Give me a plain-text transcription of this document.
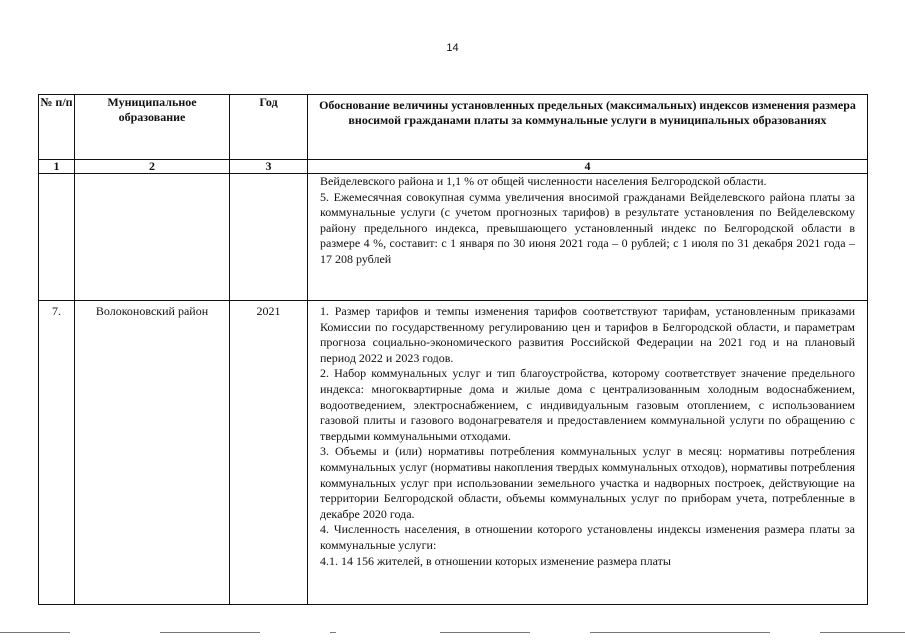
14
№ п/п	Муниципальное образование	Год	Обоснование величины установленных предельных (максимальных) индексов изменения размера вносимой гражданами платы за коммунальные услуги в муниципальных образованиях
1	2	3	4

			Вейделевского района и 1,1 % от общей численности населения Белгородской области.

5. Ежемесячная совокупная сумма увеличения вносимой гражданами Вейделевского района платы за коммунальные услуги (с учетом прогнозных тарифов) в результате установления по Вейделевскому району предельного индекса, превышающего установленный индекс по Белгородской области в размере 4 %, составит: с 1 января по 30 июня 2021 года – 0 рублей; с 1 июля по 31 декабря 2021 года – 17 208 рублей

7.	Волоконовский район	2021	1. Размер тарифов и темпы изменения тарифов соответствуют тарифам, установленным приказами Комиссии по государственному регулированию цен и тарифов в Белгородской области, и параметрам прогноза социально-экономического развития Российской Федерации на 2021 год и на плановый период 2022 и 2023 годов.

2. Набор коммунальных услуг и тип благоустройства, которому соответствует значение предельного индекса: многоквартирные дома и жилые дома с централизованным холодным водоснабжением, водоотведением, электроснабжением, с индивидуальным газовым отоплением, с использованием газовой плиты и газового водонагревателя и предоставлением коммунальной услуги по обращению с твердыми коммунальными отходами.

3. Объемы и (или) нормативы потребления коммунальных услуг в месяц: нормативы потребления коммунальных услуг (нормативы накопления твердых коммунальных отходов), нормативы потребления коммунальных услуг при использовании земельного участка и надворных построек, действующие на территории Белгородской области, объемы коммунальных услуг по приборам учета, потребленные в декабре 2020 года.

4. Численность населения, в отношении которого установлены индексы изменения размера платы за коммунальные услуги:

4.1. 14 156 жителей, в отношении которых изменение размера платы
